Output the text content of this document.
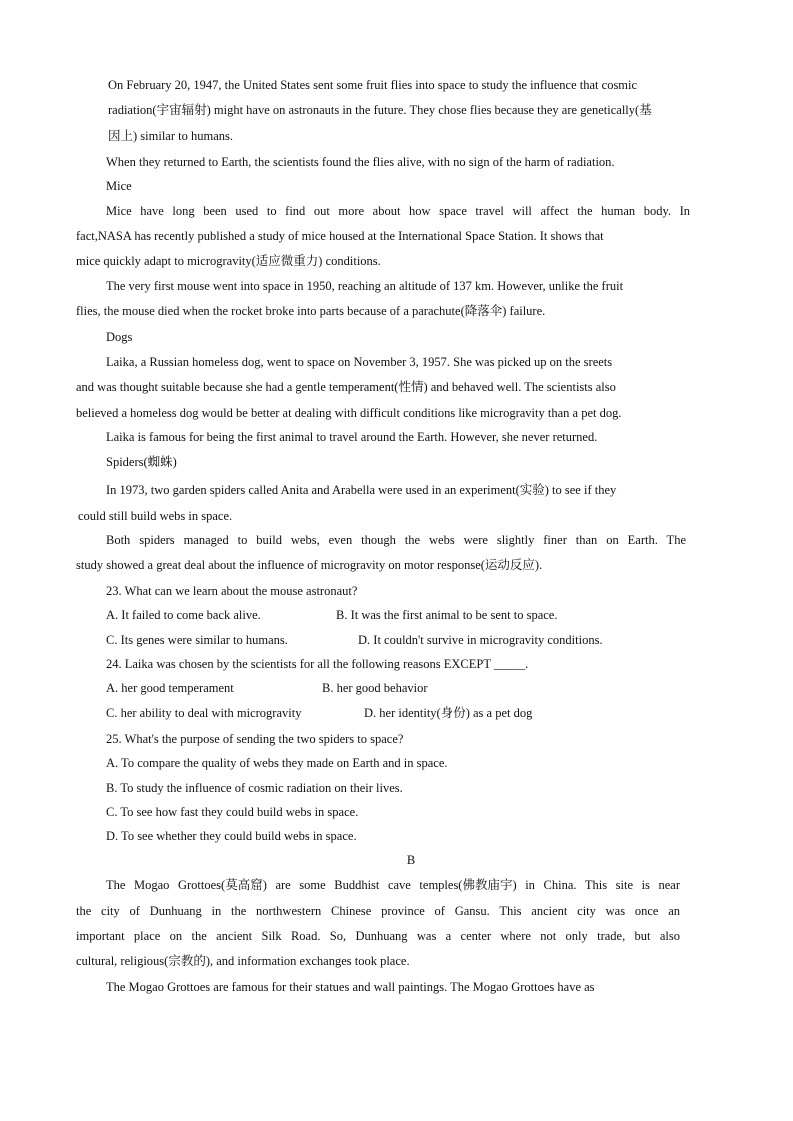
On February 20, 1947, the United States sent some fruit flies into space to study the influence that cosmic
radiation(宇宙辐射) might have on astronauts in the future. They chose flies because they are genetically(基
因上) similar to humans.
When they returned to Earth, the scientists found the flies alive, with no sign of the harm of radiation.
Mice
Mice have long been used to find out more about how space travel will affect the human body. In
fact,NASA has recently published a study of mice housed at the International Space Station. It shows that
mice quickly adapt to microgravity(适应微重力) conditions.
The very first mouse went into space in 1950, reaching an altitude of 137 km. However, unlike the fruit
flies, the mouse died when the rocket broke into parts because of a parachute(降落伞) failure.
Dogs
Laika, a Russian homeless dog, went to space on November 3, 1957. She was picked up on the sreets
and was thought suitable because she had a gentle temperament(性情) and behaved well. The scientists also
believed a homeless dog would be better at dealing with difficult conditions like microgravity than a pet dog.
Laika is famous for being the first animal to travel around the Earth. However, she never returned.
Spiders(蜘蛛)
In 1973, two garden spiders called Anita and Arabella were used in an experiment(实验) to see if they
could still build webs in space.
Both spiders managed to build webs, even though the webs were slightly finer than on Earth. The
study showed a great deal about the influence of microgravity on motor response(运动反应).
23. What can we learn about the mouse astronaut?
A. It failed to come back alive.	B. It was the first animal to be sent to space.
C. Its genes were similar to humans.	D. It couldn't survive in microgravity conditions.
24. Laika was chosen by the scientists for all the following reasons EXCEPT _____.
A. her good temperament	B. her good behavior
C. her ability to deal with microgravity	D. her identity(身份) as a pet dog
25. What's the purpose of sending the two spiders to space?
A. To compare the quality of webs they made on Earth and in space.
B. To study the influence of cosmic radiation on their lives.
C. To see how fast they could build webs in space.
D. To see whether they could build webs in space.
B
The Mogao Grottoes(莫高窟) are some Buddhist cave temples(佛教庙宇) in China. This site is near
the city of Dunhuang in the northwestern Chinese province of Gansu. This ancient city was once an
important place on the ancient Silk Road. So, Dunhuang was a center where not only trade, but also
cultural, religious(宗教的), and information exchanges took place.
The Mogao Grottoes are famous for their statues and wall paintings. The Mogao Grottoes have as
